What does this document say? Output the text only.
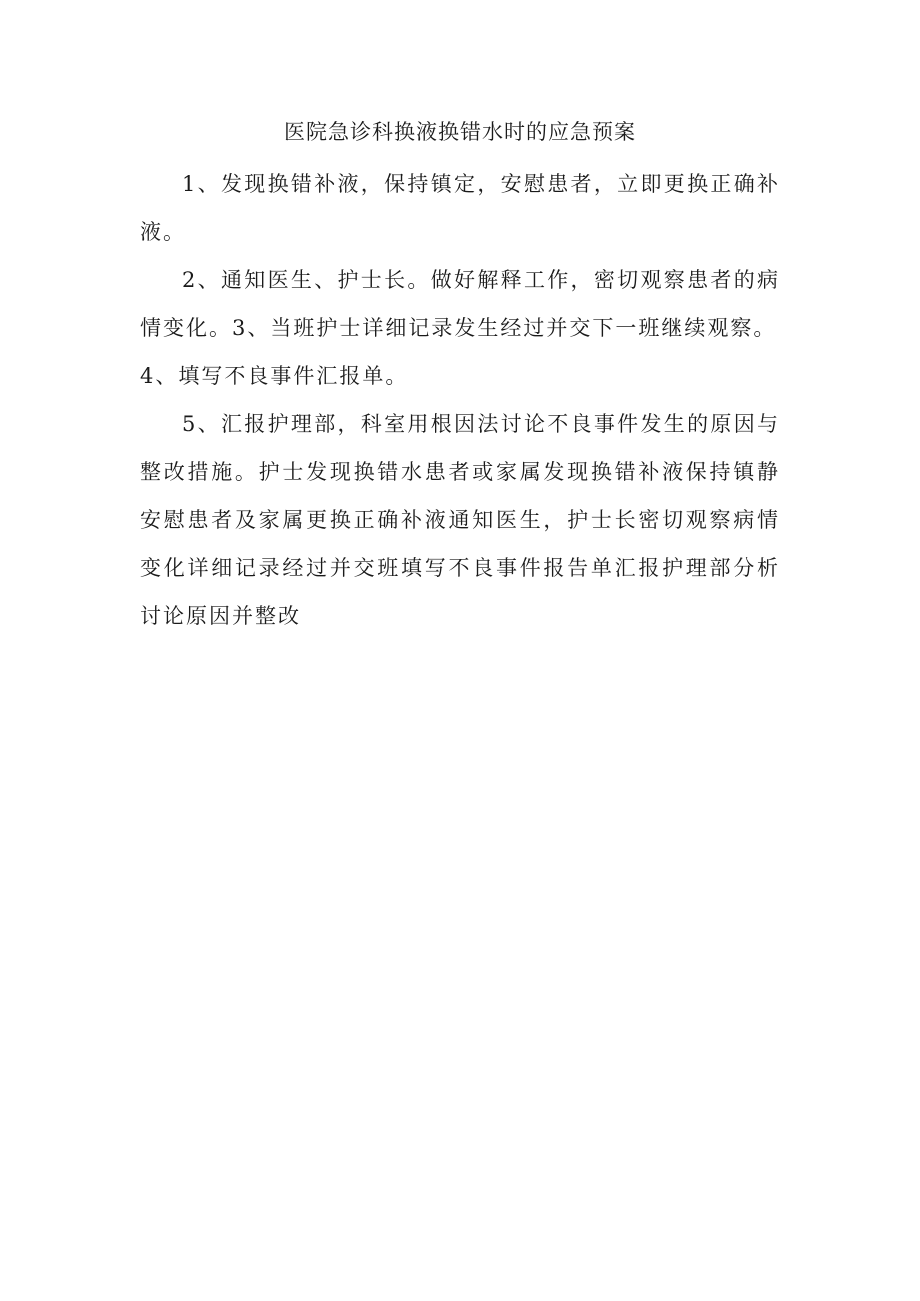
医院急诊科换液换错水时的应急预案

1、发现换错补液，保持镇定，安慰患者，立即更换正确补液。

2、通知医生、护士长。做好解释工作，密切观察患者的病情变化。3、当班护士详细记录发生经过并交下一班继续观察。

4、填写不良事件汇报单。

5、汇报护理部，科室用根因法讨论不良事件发生的原因与整改措施。护士发现换错水患者或家属发现换错补液保持镇静安慰患者及家属更换正确补液通知医生，护士长密切观察病情变化详细记录经过并交班填写不良事件报告单汇报护理部分析讨论原因并整改
